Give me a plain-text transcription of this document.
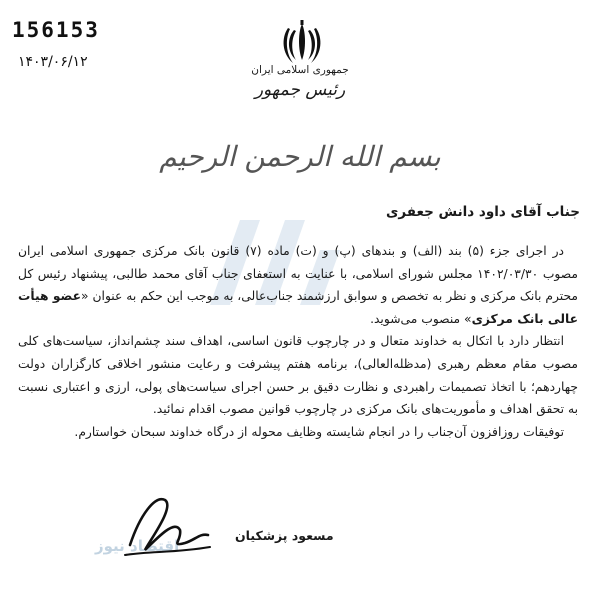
156153
۱۴۰۳/۰۶/۱۲	جمهوری اسلامی ایران
رئیس جمهور
بسم الله الرحمن الرحیم
جناب آقای داود دانش جعفری

در اجرای جزء (۵) بند (الف) و بندهای (پ) و (ت) ماده (۷) قانون بانک مرکزی جمهوری اسلامی ایران مصوب ۱۴۰۲/۰۳/۳۰ مجلس شورای اسلامی، با عنایت به استعفای جناب آقای محمد طالبی، پیشنهاد رئیس کل محترم بانک مرکزی و نظر به تخصص و سوابق ارزشمند جناب‌عالی، به موجب این حکم به عنوان «عضو هیأت عالی بانک مرکزی» منصوب می‌شوید.

انتظار دارد با اتکال به خداوند متعال و در چارچوب قانون اساسی، اهداف سند چشم‌انداز، سیاست‌های کلی مصوب مقام معظم رهبری (مدظله‌العالی)، برنامه هفتم پیشرفت و رعایت منشور اخلاقی کارگزاران دولت چهاردهم؛ با اتخاذ تصمیمات راهبردی و نظارت دقیق بر حسن اجرای سیاست‌های پولی، ارزی و اعتباری نسبت به تحقق اهداف و مأموریت‌های بانک مرکزی در چارچوب قوانین مصوب اقدام نمائید.

توفیقات روزافزون آن‌جناب را در انجام شایسته وظایف محوله از درگاه خداوند سبحان خواستارم.

اقتصاد نیوز
مسعود پزشکیان
